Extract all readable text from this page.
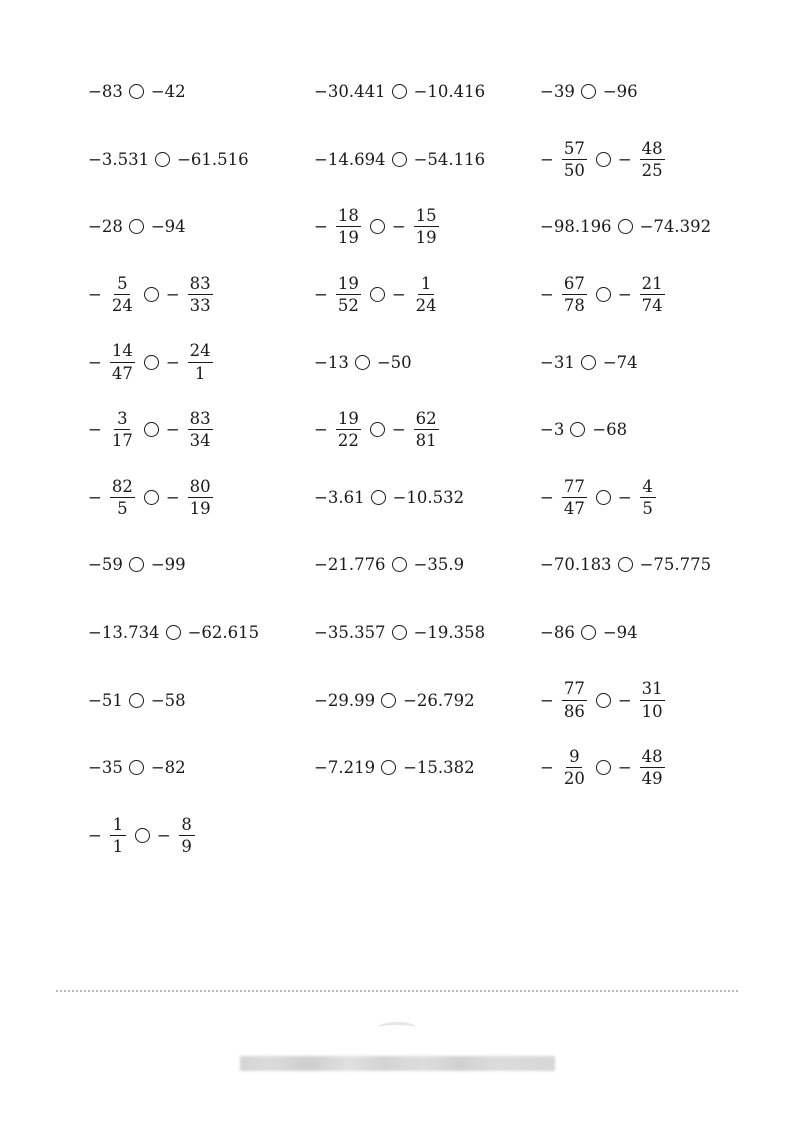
−83 −42	−30.441 −10.416	−39 −96
−3.531 −61.516	−14.694 −54.116	− $\frac{57}{50} - \frac{48}{25}$
−28 −94	− $\frac{18}{19} - \frac{15}{19}$	−98.196 −74.392
− $\frac{5}{24} - \frac{83}{33}$	− $\frac{19}{52} - \frac{1}{24}$	− $\frac{67}{78} - \frac{21}{74}$
− $\frac{14}{47} - \frac{24}{1}$	−13 −50	−31 −74
− $\frac{3}{17} - \frac{83}{34}$	− $\frac{19}{22} - \frac{62}{81}$	−3 −68
− $\frac{82}{5} - \frac{80}{19}$	−3.61 −10.532	− $\frac{77}{47} - \frac{4}{5}$
−59 −99	−21.776 −35.9	−70.183 −75.775
−13.734 −62.615	−35.357 −19.358	−86 −94
−51 −58	−29.99 −26.792	− $\frac{77}{86} - \frac{31}{10}$
−35 −82	−7.219 −15.382	− $\frac{9}{20} - \frac{48}{49}$
− $\frac{1}{1} - \frac{8}{9}$
